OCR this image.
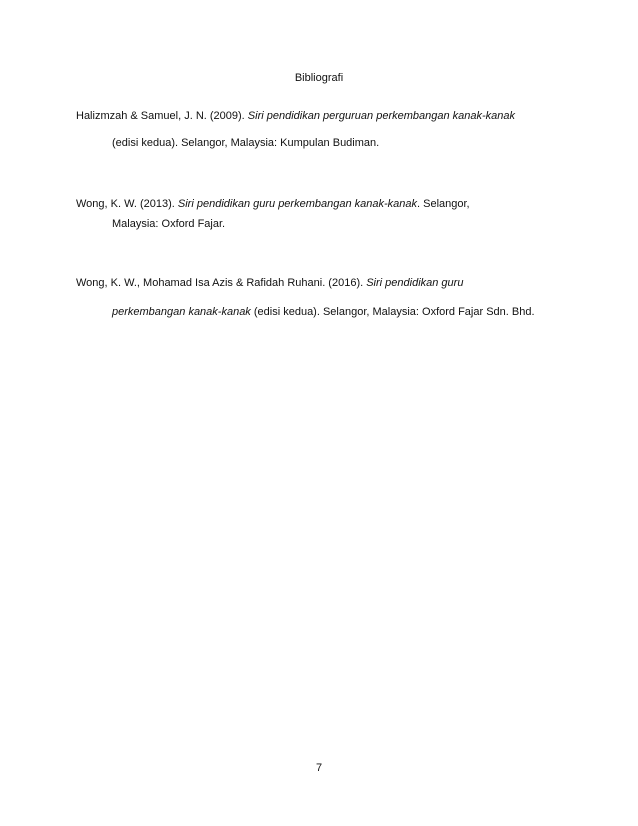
Bibliografi
Halizmzah & Samuel, J. N. (2009). Siri pendidikan perguruan perkembangan kanak-kanak
(edisi kedua). Selangor, Malaysia: Kumpulan Budiman.
Wong, K. W. (2013). Siri pendidikan guru perkembangan kanak-kanak. Selangor,
Malaysia: Oxford Fajar.
Wong, K. W., Mohamad Isa Azis & Rafidah Ruhani. (2016). Siri pendidikan guru
perkembangan kanak-kanak (edisi kedua). Selangor, Malaysia: Oxford Fajar Sdn. Bhd.
7
